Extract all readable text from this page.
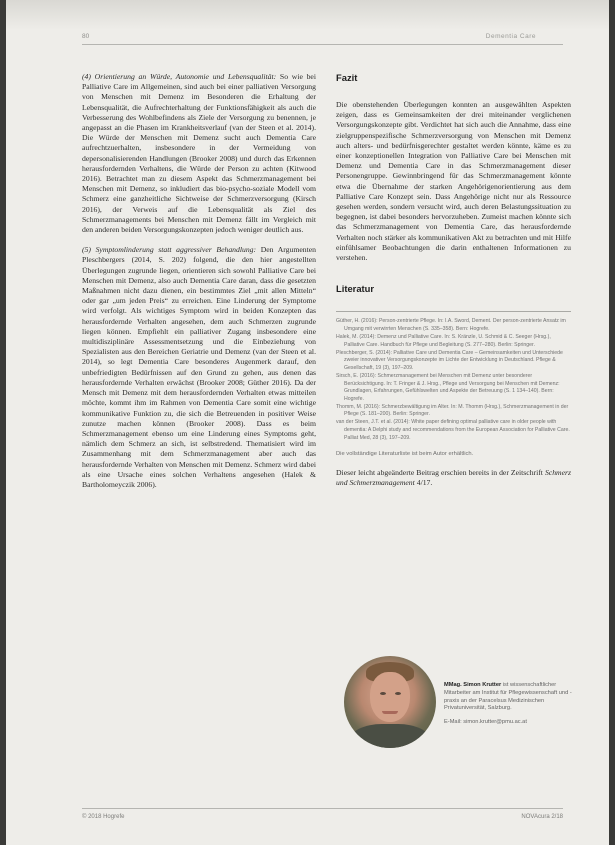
80	Dementia Care

(4) Orientierung an Würde, Autonomie und Lebensqualität: So wie bei Palliative Care im Allgemeinen, sind auch bei einer palliativen Versorgung von Menschen mit Demenz im Besonderen die Erhaltung der Lebensqualität, die Aufrechterhaltung der Funktionsfähigkeit als auch die Verbesserung des Wohlbefindens als Ziele der Versorgung zu benennen, je angepasst an die Phasen im Krankheitsverlauf (van der Steen et al. 2014). Die Würde der Menschen mit Demenz sucht auch Dementia Care aufrechtzuerhalten, insbesondere in der Vermeidung von depersonalisierenden Handlungen (Brooker 2008) und durch das Erkennen herausfordernden Verhaltens, die Würde der Person zu achten (Kitwood 2016). Betrachtet man zu diesem Aspekt das Schmerzmanagement bei Menschen mit Demenz, so inkludiert das bio-psycho-soziale Modell vom Schmerz eine ganzheitliche Sichtweise der Schmerzversorgung (Kirsch 2016), der Verweis auf die Lebensqualität als Ziel des Schmerzmanagements bei Menschen mit Demenz fällt im Vergleich mit den anderen beiden Versorgungskonzepten jedoch weniger deutlich aus.

(5) Symptomlinderung statt aggressiver Behandlung: Den Argumenten Pleschbergers (2014, S. 202) folgend, die den hier angestellten Überlegungen zugrunde liegen, orientieren sich sowohl Palliative Care bei Menschen mit Demenz, also auch Dementia Care daran, dass die gesetzten Maßnahmen nicht dazu dienen, ein bestimmtes Ziel „mit allen Mitteln“ oder gar „um jeden Preis“ zu erreichen. Eine Linderung der Symptome wird verfolgt. Als wichtiges Symptom wird in beiden Konzepten das herausfordernde Verhalten angesehen, dem auch Schmerzen zugrunde liegen können. Empfiehlt ein palliativer Zugang insbesondere eine multidisziplinäre Assessmentsetzung und die Einbeziehung von Spezialisten aus den Bereichen Geriatrie und Demenz (van der Steen et al. 2014), so legt Dementia Care besonderes Augenmerk darauf, den unbefriedigten Bedürfnissen auf den Grund zu gehen, aus denen das herausfordernde Verhalten erwächst (Brooker 2008; Güther 2016). Da der Mensch mit Demenz mit dem herausfordernden Verhalten etwas mitteilen möchte, kommt ihm im Rahmen von Dementia Care somit eine wichtige kommunikative Funktion zu, die sich die Betreuenden in positiver Weise zunutze machen können (Brooker 2008). Dass es beim Schmerzmanagement ebenso um eine Linderung eines Symptoms geht, nämlich dem Schmerz an sich, ist selbstredend. Thematisiert wird im Zusammenhang mit dem Schmerzmanagement aber auch das herausfordernde Verhalten von Menschen mit Demenz. Schmerz wird dabei als eine Ursache eines solchen Verhaltens angesehen (Halek & Bartholomeyczik 2006).

Fazit

Die obenstehenden Überlegungen konnten an ausgewählten Aspekten zeigen, dass es Gemeinsamkeiten der drei miteinander verglichenen Versorgungskonzepte gibt. Verdichtet hat sich auch die Annahme, dass eine zielgruppenspezifische Schmerzversorgung von Menschen mit Demenz auch alters- und bedürfnisgerechter gestaltet werden könnte, käme es zu einer konzeptionellen Integration von Palliative Care bei Menschen mit Demenz und Dementia Care in das Schmerzmanagement dieser Personengruppe. Gewinnbringend für das Schmerzmanagement könnte etwa die Übernahme der starken Angehörigenorientierung aus dem Palliative Care Konzept sein. Dass Angehörige nicht nur als Ressource gesehen werden, sondern versucht wird, auch deren Belastungssituation zu begegnen, ist dabei besonders hervorzuheben. Zumeist machen könnte sich das Schmerzmanagement von Dementia Care, das herausfordernde Verhalten noch stärker als kommunikativen Akt zu betrachten und mit Hilfe einfühlsamer Beobachtungen die darin enthaltenen Informationen zu verstehen.

Literatur
Güther, H. (2016): Person-zentrierte Pflege. In: I.A. Sword, Dement. Der person-zentrierte Ansatz im Umgang mit verwirrten Menschen (S. 335–358). Bern: Hogrefe.
Halek, M. (2014): Demenz und Palliative Care. In: S. Kränzle, U. Schmid & C. Seeger (Hrsg.), Palliative Care. Handbuch für Pflege und Begleitung (S. 277–280). Berlin: Springer.
Pleschberger, S. (2014): Palliative Care und Dementia Care – Gemeinsamkeiten und Unterschiede zweier innovativer Versorgungskonzepte im Lichte der Entwicklung in Deutschland. Pflege & Gesellschaft, 19 (3), 197–209.
Sirsch, E. (2016): Schmerzmanagement bei Menschen mit Demenz unter besonderer Berücksichtigung. In: T. Fringer & J. Hrsg., Pflege und Versorgung bei Menschen mit Demenz: Grundlagen, Erfahrungen, Gefühlswelten und Aspekte der Betreuung (S. 1 134–140). Bern: Hogrefe.
Thomm, M. (2016): Schmerzbewältigung im Alter. In: M. Thomm (Hrsg.), Schmerzmanagement in der Pflege (S. 181–200). Berlin: Springer.
van der Steen, J.T. et al. (2014): White paper defining optimal palliative care in older people with dementia: A Delphi study and recommendations from the European Association for Palliative Care. Palliat Med, 28 (3), 197–209.
Die vollständige Literaturliste ist beim Autor erhältlich.

Dieser leicht abgeänderte Beitrag erschien bereits in der Zeitschrift Schmerz und Schmerzmanagement 4/17.

MMag. Simon Krutter ist wissenschaftlicher Mitarbeiter am Institut für Pflegewissenschaft und -praxis an der Paracelsus Medizinischen Privatuniversität, Salzburg.
E-Mail: simon.krutter@pmu.ac.at
© 2018 Hogrefe	NOVAcura 2/18
